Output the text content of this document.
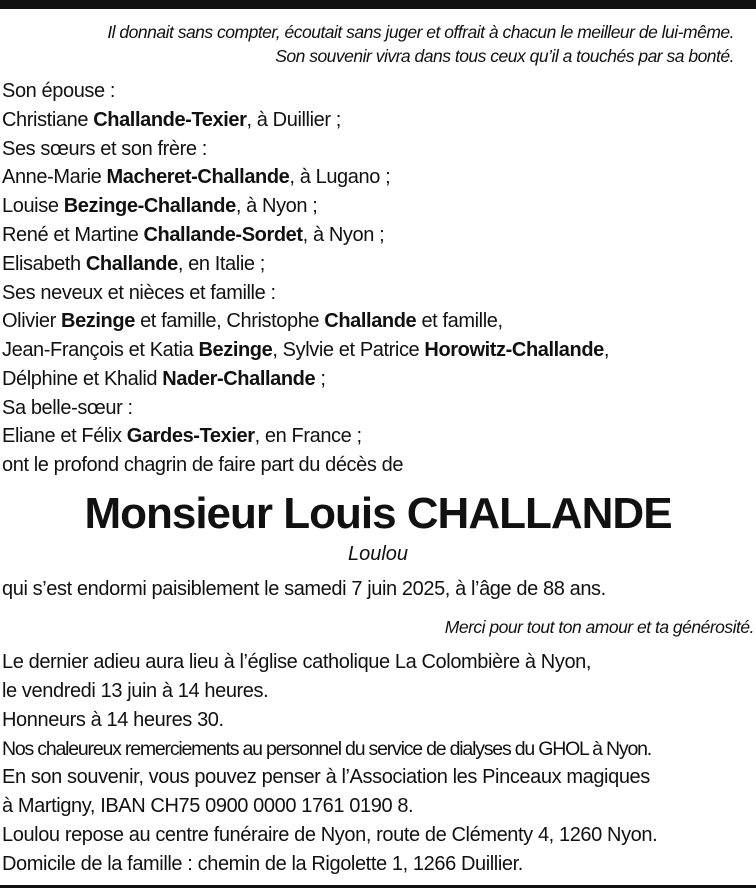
Il donnait sans compter, écoutait sans juger et offrait à chacun le meilleur de lui-même.
Son souvenir vivra dans tous ceux qu’il a touchés par sa bonté.
Son épouse :
Christiane Challande-Texier, à Duillier ;
Ses sœurs et son frère :
Anne-Marie Macheret-Challande, à Lugano ;
Louise Bezinge-Challande, à Nyon ;
René et Martine Challande-Sordet, à Nyon ;
Elisabeth Challande, en Italie ;
Ses neveux et nièces et famille :
Olivier Bezinge et famille, Christophe Challande et famille,
Jean-François et Katia Bezinge, Sylvie et Patrice Horowitz-Challande,
Délphine et Khalid Nader-Challande ;
Sa belle-sœur :
Eliane et Félix Gardes-Texier, en France ;
ont le profond chagrin de faire part du décès de
Monsieur Louis CHALLANDE
Loulou
qui s’est endormi paisiblement le samedi 7 juin 2025, à l’âge de 88 ans.
Merci pour tout ton amour et ta générosité.
Le dernier adieu aura lieu à l’église catholique La Colombière à Nyon,
le vendredi 13 juin à 14 heures.
Honneurs à 14 heures 30.
Nos chaleureux remerciements au personnel du service de dialyses du GHOL à Nyon.
En son souvenir, vous pouvez penser à l’Association les Pinceaux magiques
à Martigny, IBAN CH75 0900 0000 1761 0190 8.
Loulou repose au centre funéraire de Nyon, route de Clémenty 4, 1260 Nyon.
Domicile de la famille : chemin de la Rigolette 1, 1266 Duillier.
